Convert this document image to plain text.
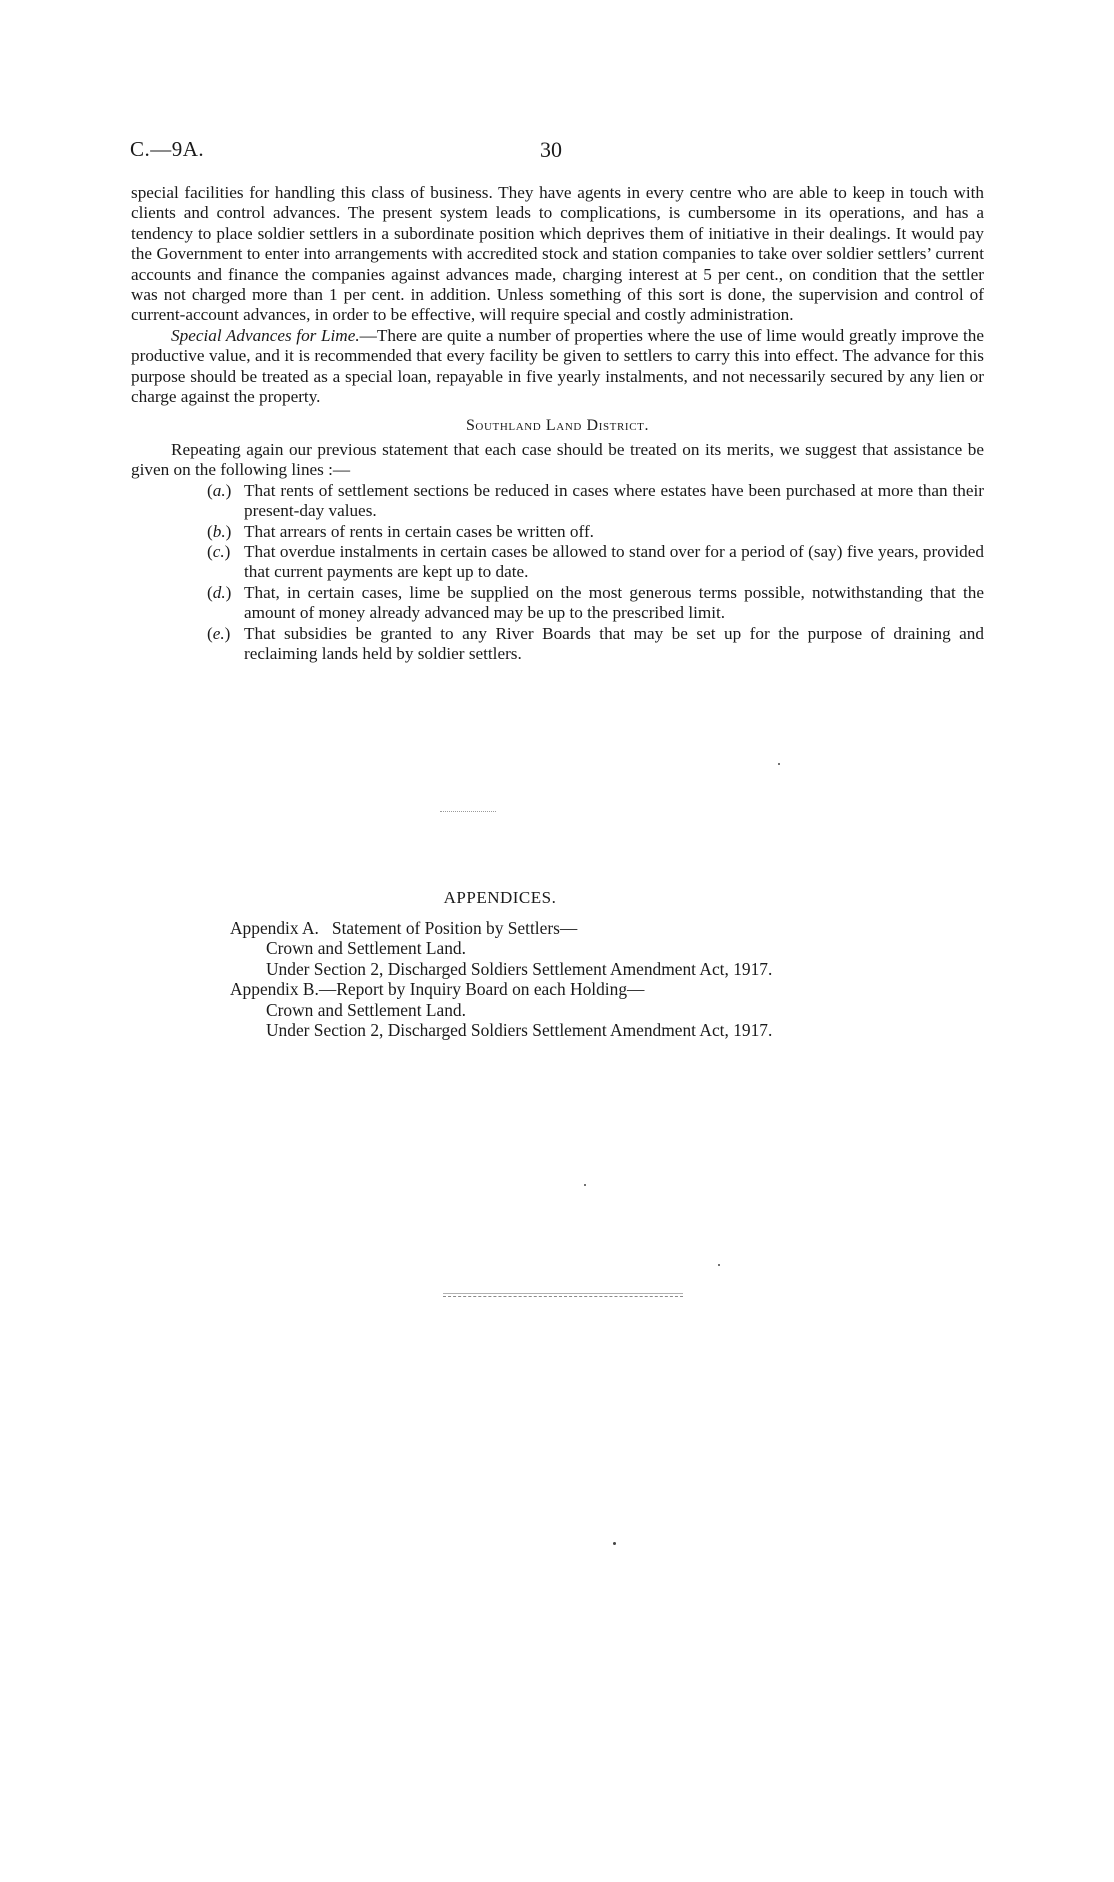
C.—9A.	30

special facilities for handling this class of business. They have agents in every centre who are able to keep in touch with clients and control advances. The present system leads to complications, is cumbersome in its operations, and has a tendency to place soldier settlers in a subordinate position which deprives them of initiative in their dealings. It would pay the Government to enter into arrangements with accredited stock and station companies to take over soldier settlers’ current accounts and finance the companies against advances made, charging interest at 5 per cent., on condition that the settler was not charged more than 1 per cent. in addition. Unless something of this sort is done, the supervision and control of current-account advances, in order to be effective, will require special and costly administration.

Special Advances for Lime.—There are quite a number of properties where the use of lime would greatly improve the productive value, and it is recommended that every facility be given to settlers to carry this into effect. The advance for this purpose should be treated as a special loan, repayable in five yearly instalments, and not necessarily secured by any lien or charge against the property.

Southland Land District.

Repeating again our previous statement that each case should be treated on its merits, we suggest that assistance be given on the following lines :—

(a.) That rents of settlement sections be reduced in cases where estates have been purchased at more than their present-day values.
(b.) That arrears of rents in certain cases be written off.
(c.) That overdue instalments in certain cases be allowed to stand over for a period of (say) five years, provided that current payments are kept up to date.
(d.) That, in certain cases, lime be supplied on the most generous terms possible, notwithstanding that the amount of money already advanced may be up to the prescribed limit.
(e.) That subsidies be granted to any River Boards that may be set up for the purpose of draining and reclaiming lands held by soldier settlers.
APPENDICES.
Appendix A.   Statement of Position by Settlers—
Crown and Settlement Land.
Under Section 2, Discharged Soldiers Settlement Amendment Act, 1917.
Appendix B.—Report by Inquiry Board on each Holding—
Crown and Settlement Land.
Under Section 2, Discharged Soldiers Settlement Amendment Act, 1917.
